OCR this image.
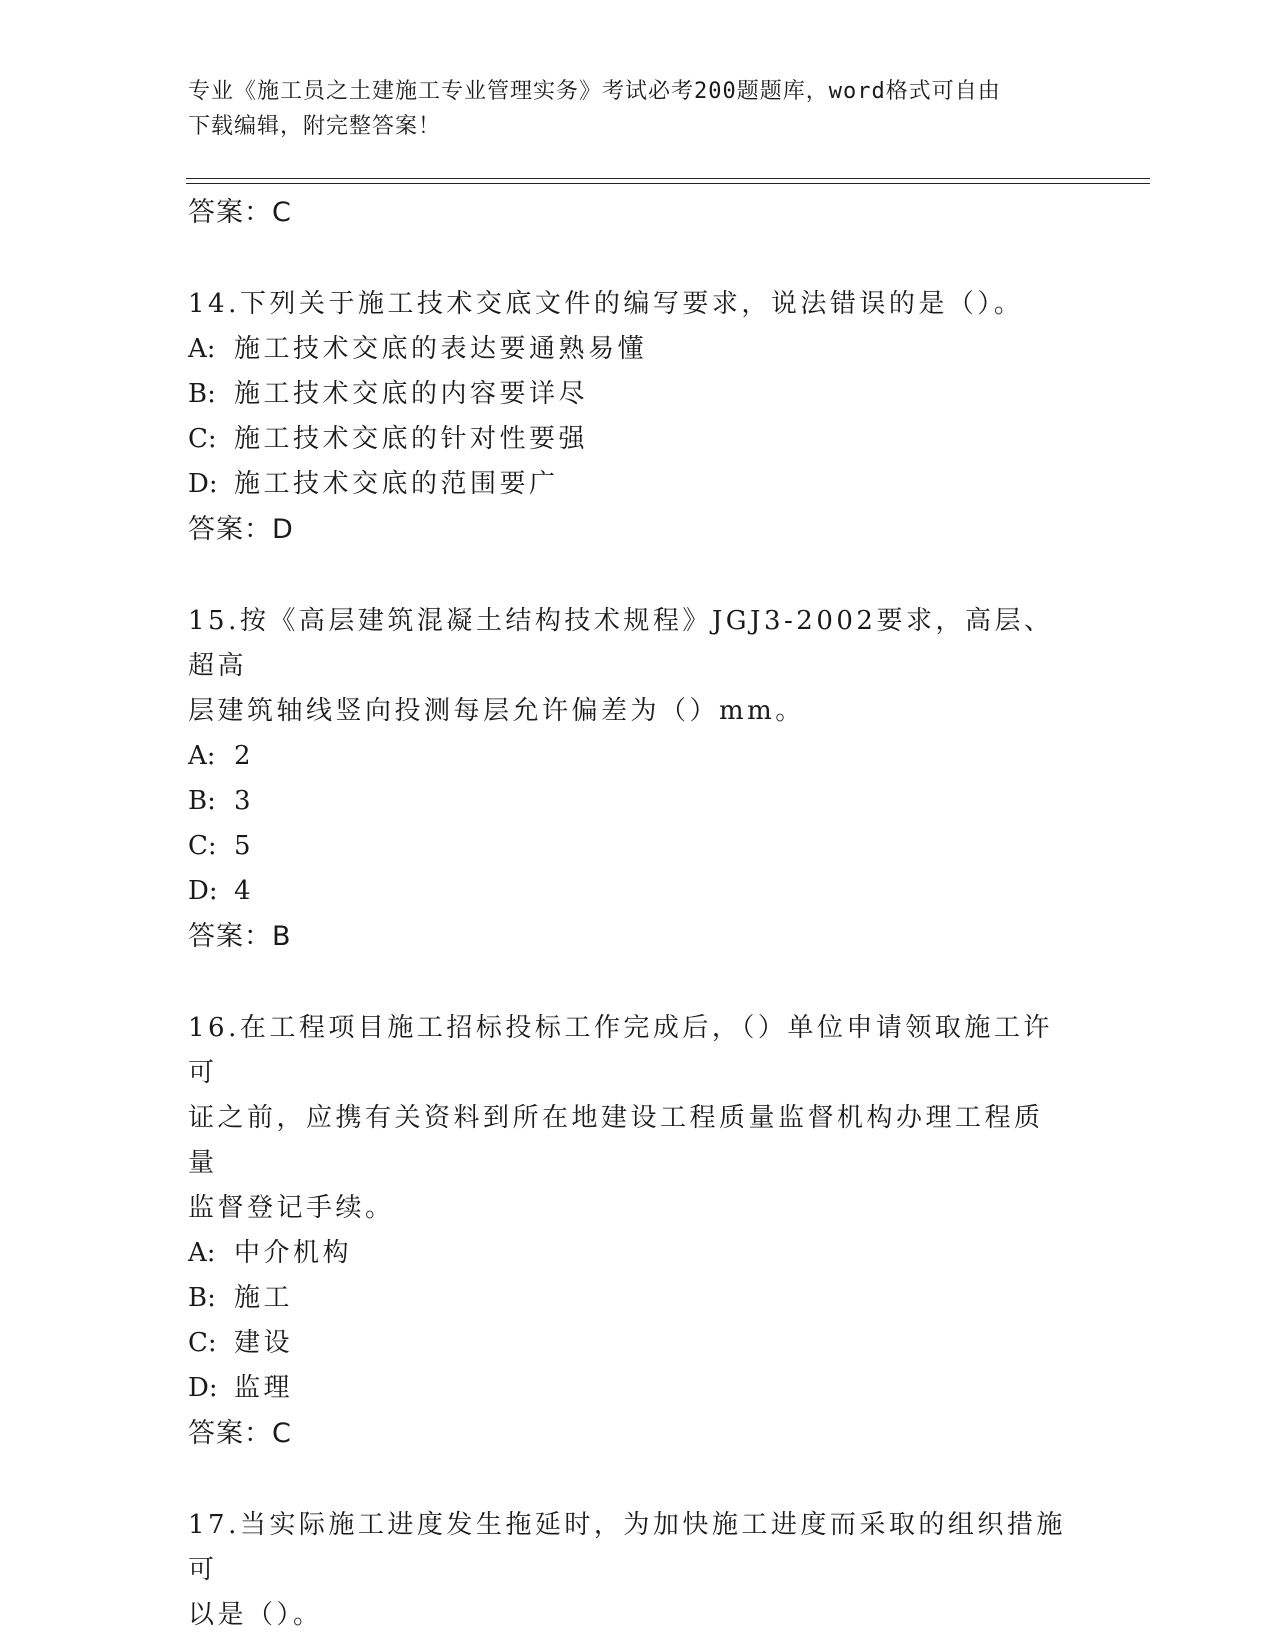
专业《施工员之土建施工专业管理实务》考试必考200题题库，word格式可自由
下载编辑，附完整答案！
答案：C
14.下列关于施工技术交底文件的编写要求，说法错误的是（）。
A: 施工技术交底的表达要通熟易懂
B: 施工技术交底的内容要详尽
C: 施工技术交底的针对性要强
D: 施工技术交底的范围要广
答案：D
15.按《高层建筑混凝土结构技术规程》JGJ3-2002要求，高层、超高
层建筑轴线竖向投测每层允许偏差为（）mm。
A: 2
B: 3
C: 5
D: 4
答案：B
16.在工程项目施工招标投标工作完成后，（）单位申请领取施工许可
证之前，应携有关资料到所在地建设工程质量监督机构办理工程质量
监督登记手续。
A: 中介机构
B: 施工
C: 建设
D: 监理
答案：C
17.当实际施工进度发生拖延时，为加快施工进度而采取的组织措施可
以是（）。
